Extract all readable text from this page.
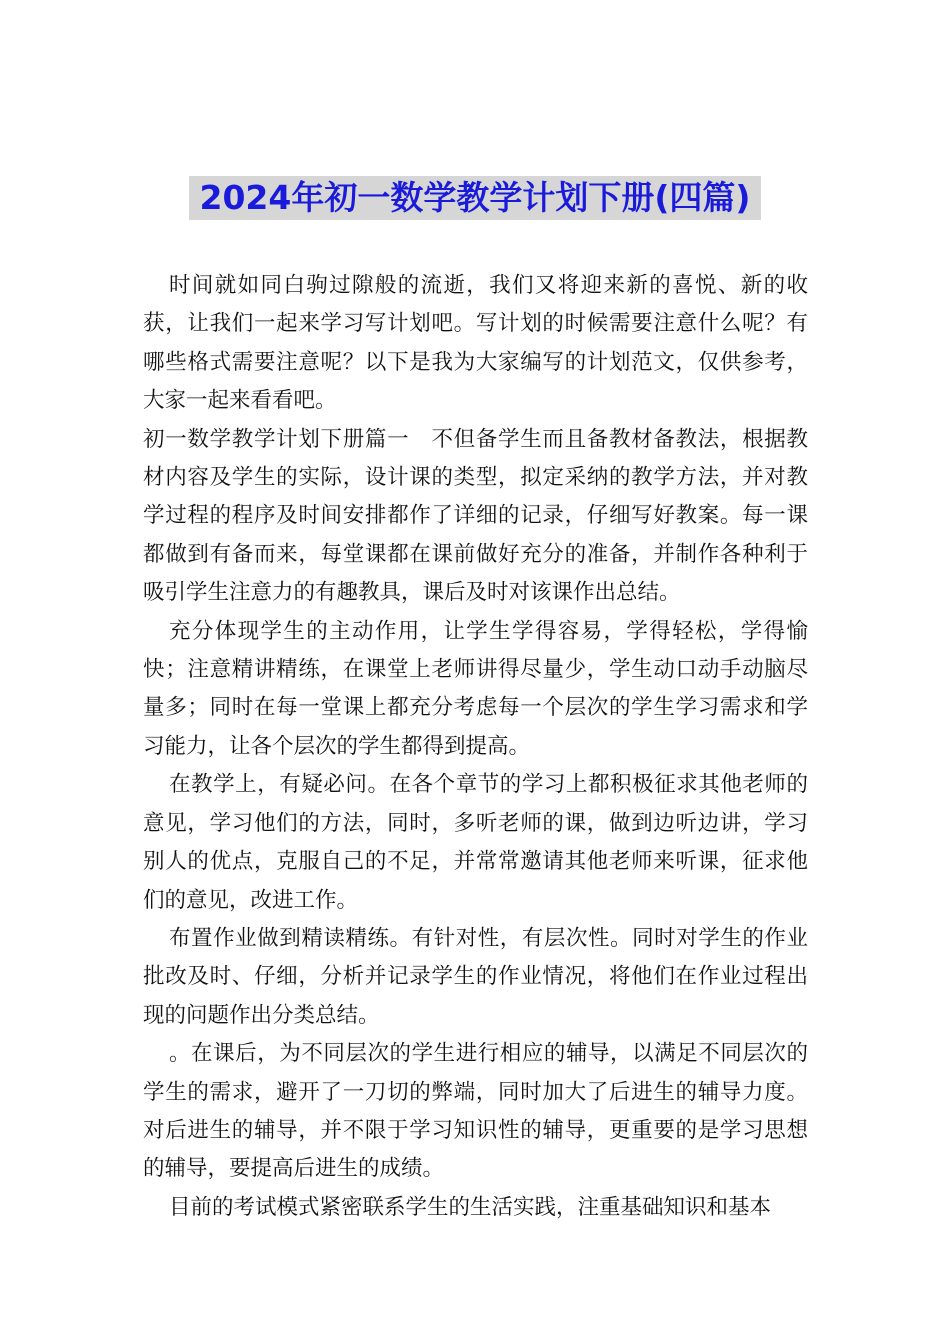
2024年初一数学教学计划下册(四篇)

时间就如同白驹过隙般的流逝，我们又将迎来新的喜悦、新的收获，让我们一起来学习写计划吧。写计划的时候需要注意什么呢？有哪些格式需要注意呢？以下是我为大家编写的计划范文，仅供参考，大家一起来看看吧。

初一数学教学计划下册篇一　不但备学生而且备教材备教法，根据教材内容及学生的实际，设计课的类型，拟定采纳的教学方法，并对教学过程的程序及时间安排都作了详细的记录，仔细写好教案。每一课都做到有备而来，每堂课都在课前做好充分的准备，并制作各种利于吸引学生注意力的有趣教具，课后及时对该课作出总结。

充分体现学生的主动作用，让学生学得容易，学得轻松，学得愉快；注意精讲精练，在课堂上老师讲得尽量少，学生动口动手动脑尽量多；同时在每一堂课上都充分考虑每一个层次的学生学习需求和学习能力，让各个层次的学生都得到提高。

在教学上，有疑必问。在各个章节的学习上都积极征求其他老师的意见，学习他们的方法，同时，多听老师的课，做到边听边讲，学习别人的优点，克服自己的不足，并常常邀请其他老师来听课，征求他们的意见，改进工作。

布置作业做到精读精练。有针对性，有层次性。同时对学生的作业批改及时、仔细，分析并记录学生的作业情况，将他们在作业过程出现的问题作出分类总结。

。在课后，为不同层次的学生进行相应的辅导，以满足不同层次的学生的需求，避开了一刀切的弊端，同时加大了后进生的辅导力度。对后进生的辅导，并不限于学习知识性的辅导，更重要的是学习思想的辅导，要提高后进生的成绩。

目前的考试模式紧密联系学生的生活实践，注重基础知识和基本
